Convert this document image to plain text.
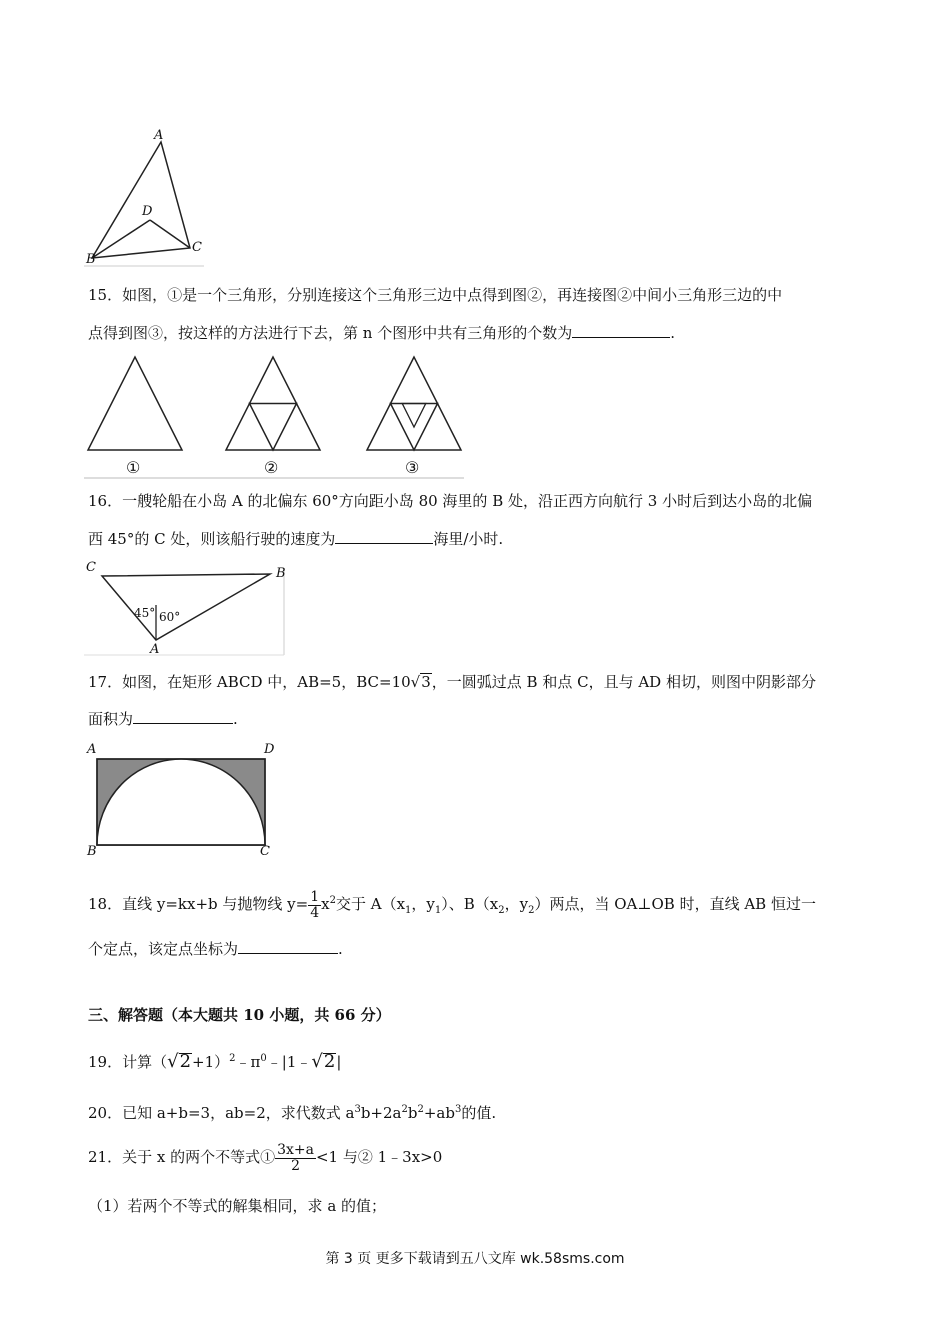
A
D
B
C
15．如图，①是一个三角形，分别连接这个三角形三边中点得到图②，再连接图②中间小三角形三边的中
点得到图③，按这样的方法进行下去，第 n 个图形中共有三角形的个数为	.
①	②	③
16．一艘轮船在小岛 A 的北偏东 60°方向距小岛 80 海里的 B 处，沿正西方向航行 3 小时后到达小岛的北偏
西 45°的 C 处，则该船行驶的速度为	海里/小时.
C	B
A
45° 60°
17．如图，在矩形 ABCD 中，AB=5，BC=10√3，一圆弧过点 B 和点 C，且与 AD 相切，则图中阴影部分
面积为	.
A	D
B	C
18．直线 y=kx+b 与抛物线 $y= \frac{1}{4} x^2$交于 $A(x_1$，$y_1$）、$B(x_2$，$y_2$）两点，当 OA⊥OB 时，直线 AB 恒过一
个定点，该定点坐标为	.
三、解答题（本大题共 10 小题，共 66 分）
19．计算$(√2+1)^2﹣\pi^0﹣|1﹣√2|$
20．已知 a+b=3，ab=2，求代数式 $a^3b+2a^2b^2+ab^3$的值.
21．关于 x 的两个不等式① $\frac{3x+a}{2} <1$ 与② 1﹣3x>0
（1）若两个不等式的解集相同，求 a 的值；
第 3 页 更多下载请到五八文库 wk.58sms.com
